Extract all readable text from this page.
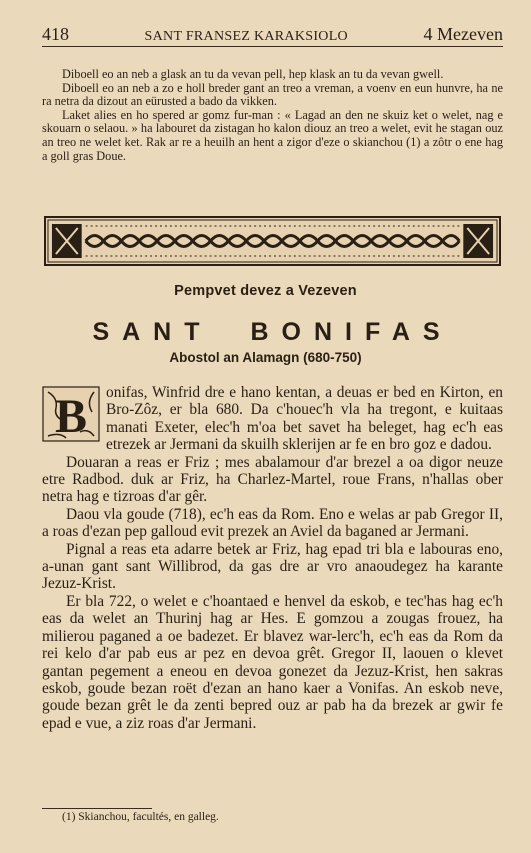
418	SANT FRANSEZ KARAKSIOLO	4 Mezeven

Diboell eo an neb a glask an tu da vevan pell, hep klask an tu da vevan gwell.

Diboell eo an neb a zo e holl breder gant an treo a vreman, a voenv en eun hunvre, ha ne ra netra da dizout an eürusted a bado da vikken.

Laket alies en ho spered ar gomz fur-man : « Lagad an den ne skuiz ket o welet, nag e skouarn o selaou. » ha labouret da zistagan ho kalon diouz an treo a welet, evit he stagan ouz an treo ne welet ket. Rak ar re a heuilh an hent a zigor d'eze o skianchou (1) a zôtr o ene hag a goll gras Doue.

Pempvet devez a Vezeven
SANT BONIFAS
Abostol an Alamagn (680-750)

B onifas, Winfrid dre e hano kentan, a deuas er bed en Kirton, en Bro-Zôz, er bla 680. Da c'houec'h vla ha tregont, e kuitaas manati Exeter, elec'h m'oa bet savet ha beleget, hag ec'h eas etrezek ar Jermani da skuilh sklerijen ar fe en bro goz e dadou.

Douaran a reas er Friz ; mes abalamour d'ar brezel a oa digor neuze etre Radbod. duk ar Friz, ha Charlez-Martel, roue Frans, n'hallas ober netra hag e tizroas d'ar gêr.

Daou vla goude (718), ec'h eas da Rom. Eno e welas ar pab Gregor II, a roas d'ezan pep galloud evit prezek an Aviel da baganed ar Jermani.

Pignal a reas eta adarre betek ar Friz, hag epad tri bla e labouras eno, a-unan gant sant Willibrod, da gas dre ar vro anaoudegez ha karante Jezuz-Krist.

Er bla 722, o welet e c'hoantaed e henvel da eskob, e tec'has hag ec'h eas da welet an Thurinj hag ar Hes. E gomzou a zougas frouez, ha milierou paganed a oe badezet. Er blavez war-lerc'h, ec'h eas da Rom da rei kelo d'ar pab eus ar pez en devoa grêt. Gregor II, laouen o klevet gantan pegement a eneou en devoa gonezet da Jezuz-Krist, hen sakras eskob, goude bezan roët d'ezan an hano kaer a Vonifas. An eskob neve, goude bezan grêt le da zenti bepred ouz ar pab ha da brezek ar gwir fe epad e vue, a ziz roas d'ar Jermani.

(1) Skianchou, facultés, en galleg.
